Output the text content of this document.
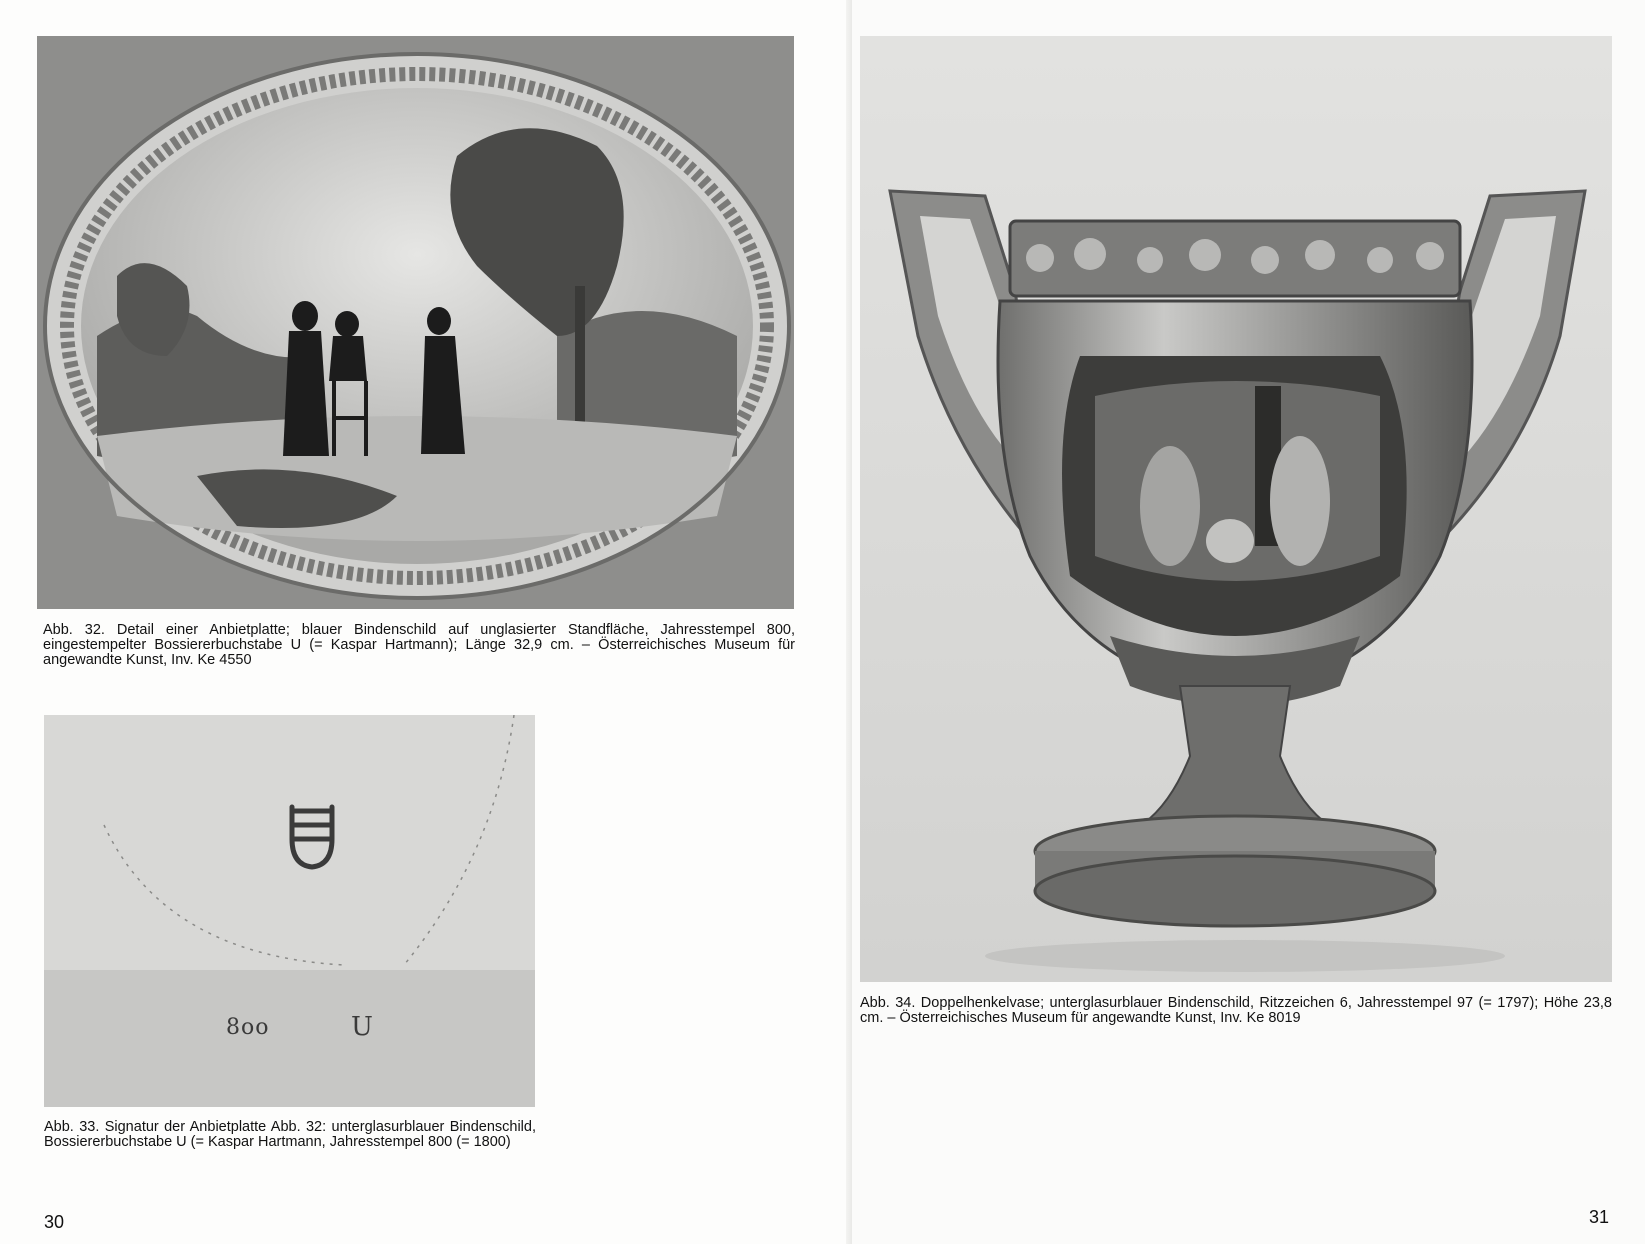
Abb. 32. Detail einer Anbietplatte; blauer Bindenschild auf unglasierter Standfläche, Jahresstempel 800, eingestempelter Bossiererbuchstabe U (= Kaspar Hartmann); Länge 32,9 cm. – Österreichisches Museum für angewandte Kunst, Inv. Ke 4550
8oo	U
Abb. 33. Signatur der Anbietplatte Abb. 32: unterglasurblauer Bindenschild, Bossiererbuchstabe U (= Kaspar Hartmann, Jahresstempel 800 (= 1800)
30
Abb. 34. Doppelhenkelvase; unterglasurblauer Bindenschild, Ritzzeichen 6, Jahresstempel 97 (= 1797); Höhe 23,8 cm. – Österreichisches Museum für angewandte Kunst, Inv. Ke 8019
31
